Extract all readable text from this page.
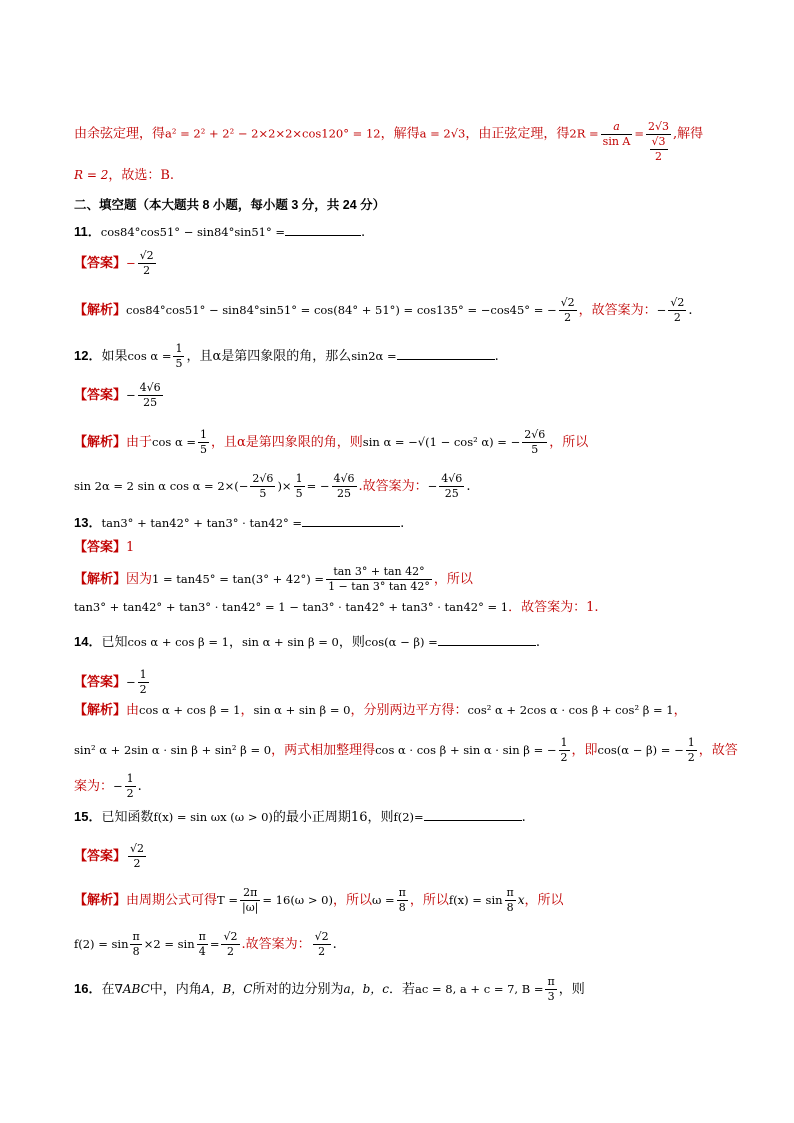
由余弦定理，得a² = 2² + 2² − 2×2×2×cos120° = 12，解得a = 2√3，由正弦定理，得$2R = \frac{a}{\text{sin A}} = \frac{2√3}{\frac{√3}{2}}$ ,解得
R = 2，故选：B.
二、填空题（本大题共 8 小题，每小题 3 分，共 24 分）
11．cos84°cos51° − sin84°sin51° =	.
【答案】− $\frac{√2}{2}$
【解析】cos84°cos51° − sin84°sin51° = cos(84° + 51°) = cos135° = −cos45° = − $\frac{√2}{2}$ ，故答案为：− $\frac{√2}{2}$ .
12．如果$\cos \alpha = \frac{1}{5}$ ，且α是第四象限的角，那么sin2α =	.
【答案】− $\frac{4√6}{25}$
【解析】由于$\cos \alpha = \frac{1}{5}$ ，且α是第四象限的角，则sin α = −√(1 − cos² α) = − $\frac{2√6}{5}$ ，所以
sin 2α = 2 sin α $\cos \alpha = 2\times(- \frac{2√6}{5}$ )× $\frac{1}{5}$ = − $\frac{4√6}{25}$ .故答案为：− $\frac{4√6}{25}$ .
13．tan3° + tan42° + tan3° · tan42° =	.
【答案】1
【解析】因为$1 = \tan 45^\circ = \tan(3^\circ + 42^\circ) = \frac{\tan 3^\circ + \tan 42^\circ}{1 - \tan 3^\circ \tan 42^\circ}$ ，所以
tan3° + tan42° + tan3° · tan42° = 1 − tan3° · tan42° + tan3° · tan42° = 1．故答案为：1.
14．已知cos α + cos β = 1，sin α + sin β = 0，则cos(α − β) =	.
【答案】− $\frac{1}{2}$
【解析】由cos α + cos β = 1，sin α + sin β = 0，分别两边平方得：cos² α + 2cos α · cos β + cos² β = 1，
sin² α + 2sin α · sin β + sin² β = 0，两式相加整理得cos α · cos β + sin α · sin β = − $\frac{1}{2}$ ，即cos(α − β) = − $\frac{1}{2}$ ，故答
案为：− $\frac{1}{2}$ .
15．已知函数f(x) = sin ωx (ω > 0)的最小正周期16，则f(2)=	.
【答案】 $\frac{√2}{2}$
【解析】由周期公式可得$T = \frac{2\pi}{|\omega|} = 16(\omega > 0)$，所以$\omega = \frac{\pi}{8}$ ，所以$f(x) = \sin \frac{\pi}{8}$ x，所以
$f(2) = \sin \frac{\pi}{8} \times 2 = \sin \frac{\pi}{4} = \frac{√2}{2}$ .故答案为： $\frac{√2}{2}$ .
16．在∇ABC中，内角A，B，C所对的边分别为a，b，c．若ac = 8, a + c = 7, $B = \frac{\pi}{3}$ ，则
